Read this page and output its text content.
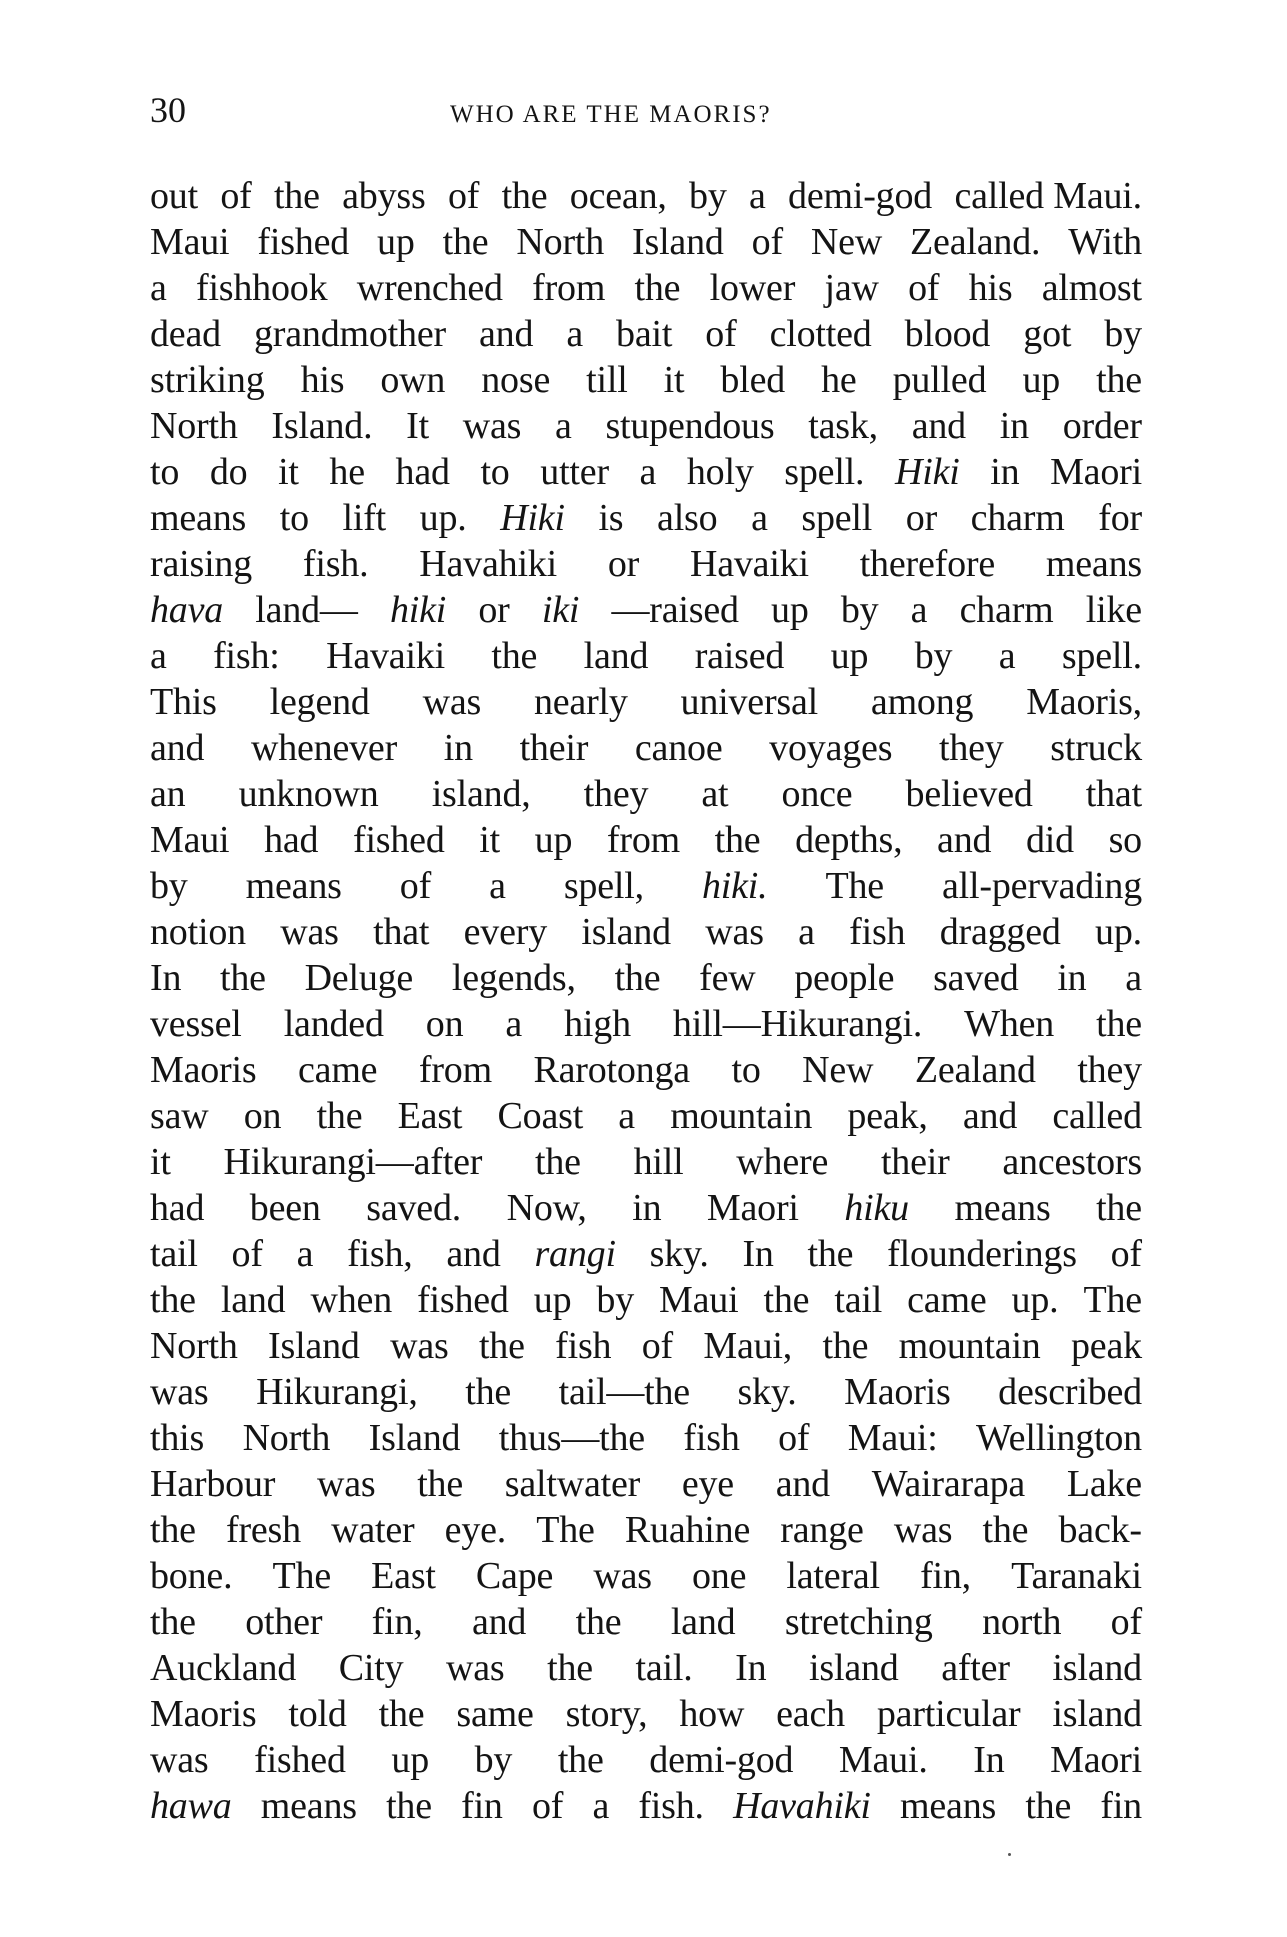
30	WHO ARE THE MAORIS?
out of the abyss of the ocean, by a demi-god called Maui.
Maui fished up the North Island of New Zealand. With
a fishhook wrenched from the lower jaw of his almost
dead grandmother and a bait of clotted blood got by
striking his own nose till it bled he pulled up the
North Island. It was a stupendous task, and in order
to do it he had to utter a holy spell. Hiki in Maori
means to lift up. Hiki is also a spell or charm for
raising fish. Havahiki or Havaiki therefore means
hava land— hiki or iki —raised up by a charm like
a fish: Havaiki the land raised up by a spell.
This legend was nearly universal among Maoris,
and whenever in their canoe voyages they struck
an unknown island, they at once believed that
Maui had fished it up from the depths, and did so
by means of a spell, hiki. The all-pervading
notion was that every island was a fish dragged up.
In the Deluge legends, the few people saved in a
vessel landed on a high hill—Hikurangi. When the
Maoris came from Rarotonga to New Zealand they
saw on the East Coast a mountain peak, and called
it Hikurangi—after the hill where their ancestors
had been saved. Now, in Maori hiku means the
tail of a fish, and rangi sky. In the flounderings of
the land when fished up by Maui the tail came up. The
North Island was the fish of Maui, the mountain peak
was Hikurangi, the tail—the sky. Maoris described
this North Island thus—the fish of Maui: Wellington
Harbour was the saltwater eye and Wairarapa Lake
the fresh water eye. The Ruahine range was the back-
bone. The East Cape was one lateral fin, Taranaki
the other fin, and the land stretching north of
Auckland City was the tail. In island after island
Maoris told the same story, how each particular island
was fished up by the demi-god Maui. In Maori
hawa means the fin of a fish. Havahiki means the fin
